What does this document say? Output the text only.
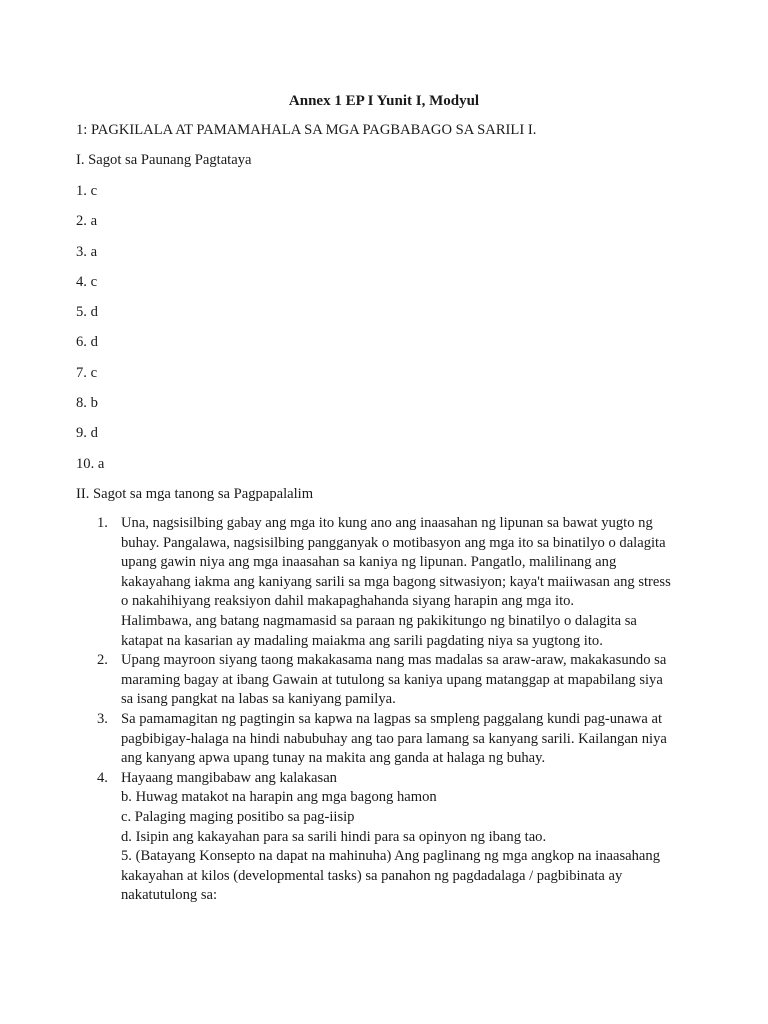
Annex 1 EP I Yunit I, Modyul
1: PAGKILALA AT PAMAMAHALA SA MGA PAGBABAGO SA SARILI I.
I. Sagot sa Paunang Pagtataya
1. c
2. a
3. a
4. c
5. d
6. d
7. c
8. b
9. d
10. a
II. Sagot sa mga tanong sa Pagpapalalim
1. Una, nagsisilbing gabay ang mga ito kung ano ang inaasahan ng lipunan sa bawat yugto ng
buhay. Pangalawa, nagsisilbing pangganyak o motibasyon ang mga ito sa binatilyo o dalagita
upang gawin niya ang mga inaasahan sa kaniya ng lipunan. Pangatlo, malilinang ang
kakayahang iakma ang kaniyang sarili sa mga bagong sitwasiyon; kaya't maiiwasan ang stress
o nakahihiyang reaksiyon dahil makapaghahanda siyang harapin ang mga ito.
Halimbawa, ang batang nagmamasid sa paraan ng pakikitungo ng binatilyo o dalagita sa
katapat na kasarian ay madaling maiakma ang sarili pagdating niya sa yugtong ito.
2. Upang mayroon siyang taong makakasama nang mas madalas sa araw-araw, makakasundo sa
maraming bagay at ibang Gawain at tutulong sa kaniya upang matanggap at mapabilang siya
sa isang pangkat na labas sa kaniyang pamilya.
3. Sa pamamagitan ng pagtingin sa kapwa na lagpas sa smpleng paggalang kundi pag-unawa at
pagbibigay-halaga na hindi nabubuhay ang tao para lamang sa kanyang sarili. Kailangan niya
ang kanyang apwa upang tunay na makita ang ganda at halaga ng buhay.
4. Hayaang mangibabaw ang kalakasan
b. Huwag matakot na harapin ang mga bagong hamon
c. Palaging maging positibo sa pag-iisip
d. Isipin ang kakayahan para sa sarili hindi para sa opinyon ng ibang tao.
5. (Batayang Konsepto na dapat na mahinuha) Ang paglinang ng mga angkop na inaasahang
kakayahan at kilos (developmental tasks) sa panahon ng pagdadalaga / pagbibinata ay
nakatutulong sa:
